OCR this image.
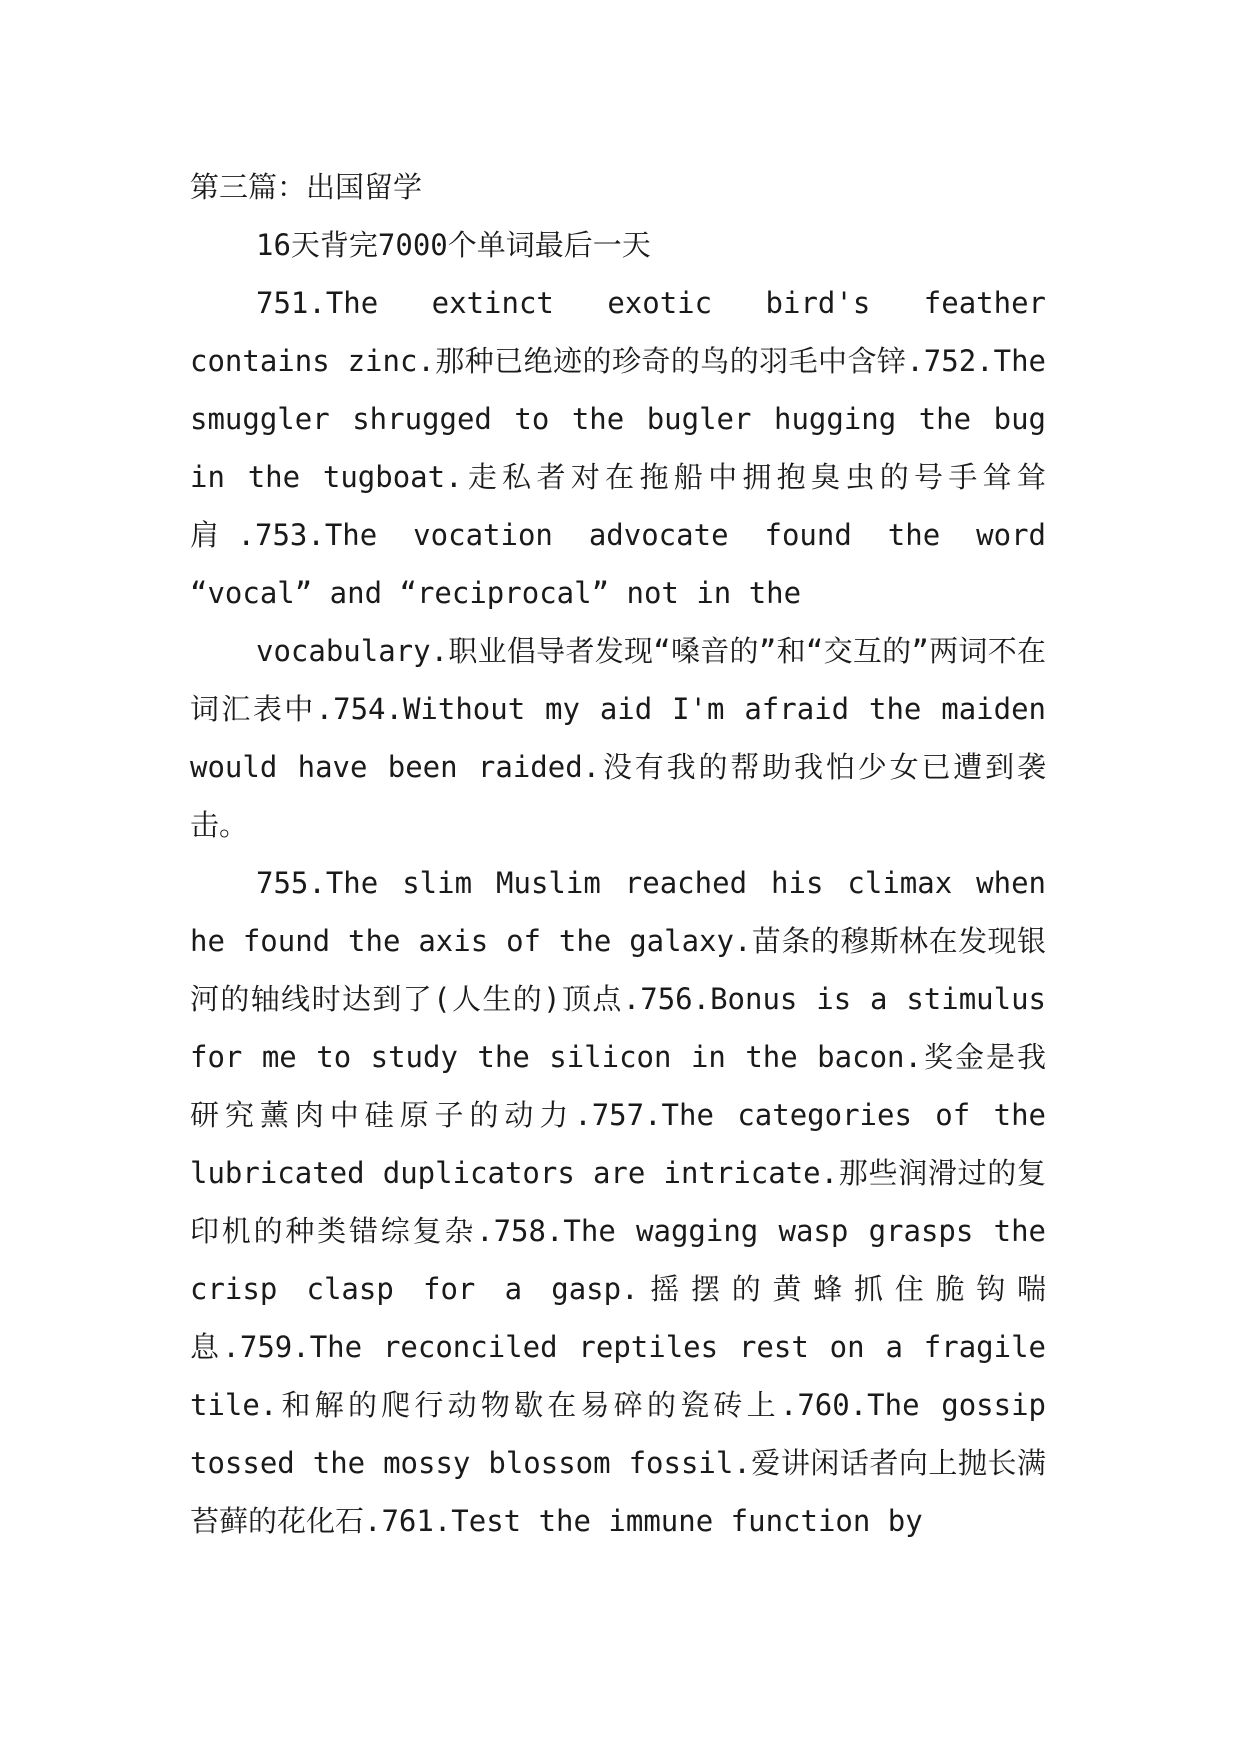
第三篇：出国留学

16天背完7000个单词最后一天

751.The extinct exotic bird's feather contains zinc.那种已绝迹的珍奇的鸟的羽毛中含锌.752.The smuggler shrugged to the bugler hugging the bug in the tugboat.走私者对在拖船中拥抱臭虫的号手耸耸肩.753.The vocation advocate found the word “vocal” and “reciprocal” not in the

vocabulary.职业倡导者发现“嗓音的”和“交互的”两词不在词汇表中.754.Without my aid I'm afraid the maiden would have been raided.没有我的帮助我怕少女已遭到袭击。

755.The slim Muslim reached his climax when he found the axis of the galaxy.苗条的穆斯林在发现银河的轴线时达到了(人生的)顶点.756.Bonus is a stimulus for me to study the silicon in the bacon.奖金是我研究薰肉中硅原子的动力.757.The categories of the lubricated duplicators are intricate.那些润滑过的复印机的种类错综复杂.758.The wagging wasp grasps the crisp clasp for a gasp.摇摆的黄蜂抓住脆钩喘息.759.The reconciled reptiles rest on a fragile tile.和解的爬行动物歇在易碎的瓷砖上.760.The gossip tossed the mossy blossom fossil.爱讲闲话者向上抛长满苔藓的花化石.761.Test the immune function by
